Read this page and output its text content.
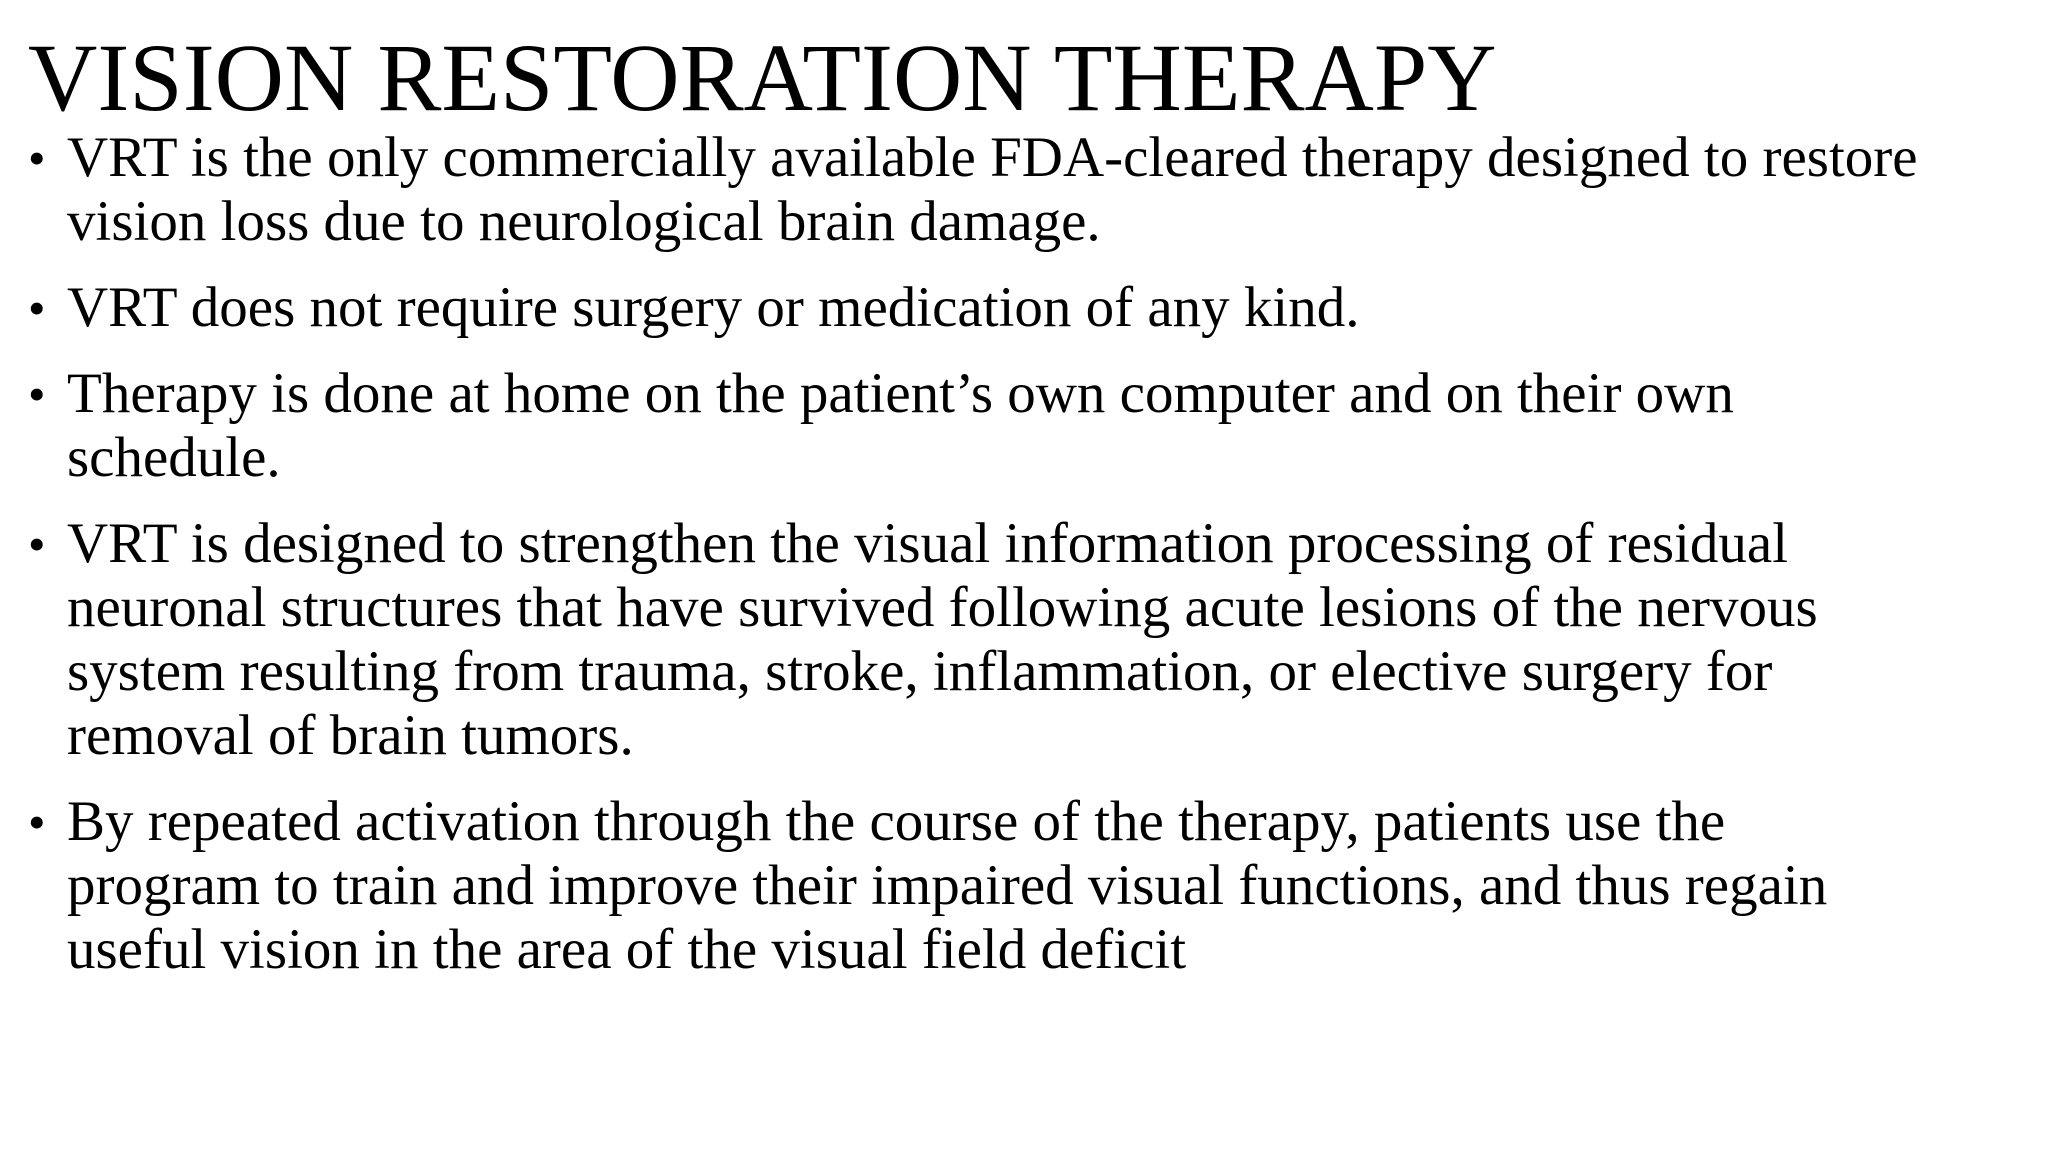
VISION RESTORATION THERAPY
• VRT is the only commercially available FDA-cleared therapy designed to restore
vision loss due to neurological brain damage.
• VRT does not require surgery or medication of any kind.
• Therapy is done at home on the patient’s own computer and on their own
schedule.
• VRT is designed to strengthen the visual information processing of residual
neuronal structures that have survived following acute lesions of the nervous
system resulting from trauma, stroke, inflammation, or elective surgery for
removal of brain tumors.
• By repeated activation through the course of the therapy, patients use the
program to train and improve their impaired visual functions, and thus regain
useful vision in the area of the visual field deficit
